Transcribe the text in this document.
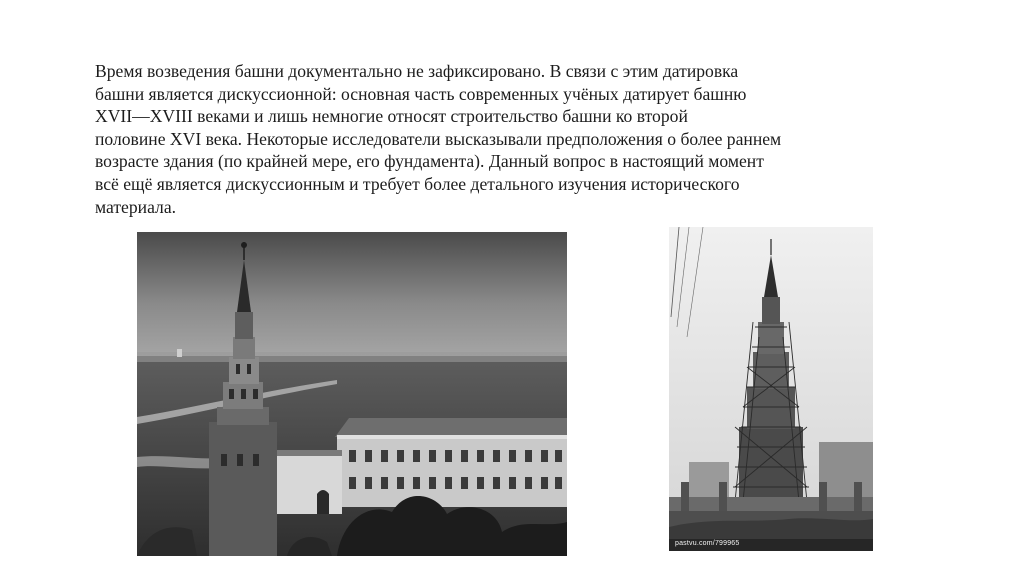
Время возведения башни документально не зафиксировано. В связи с этим датировка
башни является дискуссионной: основная часть современных учёных датирует башню
XVII—XVIII веками и лишь немногие относят строительство башни ко второй
половине XVI века. Некоторые исследователи высказывали предположения о более раннем
возрасте здания (по крайней мере, его фундамента). Данный вопрос в настоящий момент
всё ещё является дискуссионным и требует более детального изучения исторического
материала.

pastvu.com/799965
